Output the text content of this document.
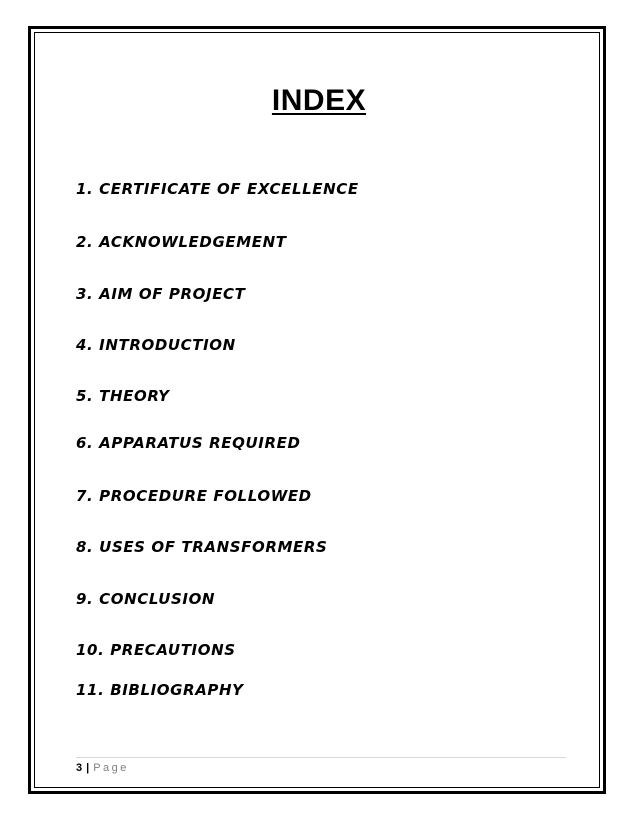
INDEX
1. CERTIFICATE OF EXCELLENCE
2. ACKNOWLEDGEMENT
3. AIM OF PROJECT
4. INTRODUCTION
5. THEORY
6. APPARATUS REQUIRED
7. PROCEDURE FOLLOWED
8. USES OF TRANSFORMERS
9. CONCLUSION
10. PRECAUTIONS
11. BIBLIOGRAPHY
3 | Page
